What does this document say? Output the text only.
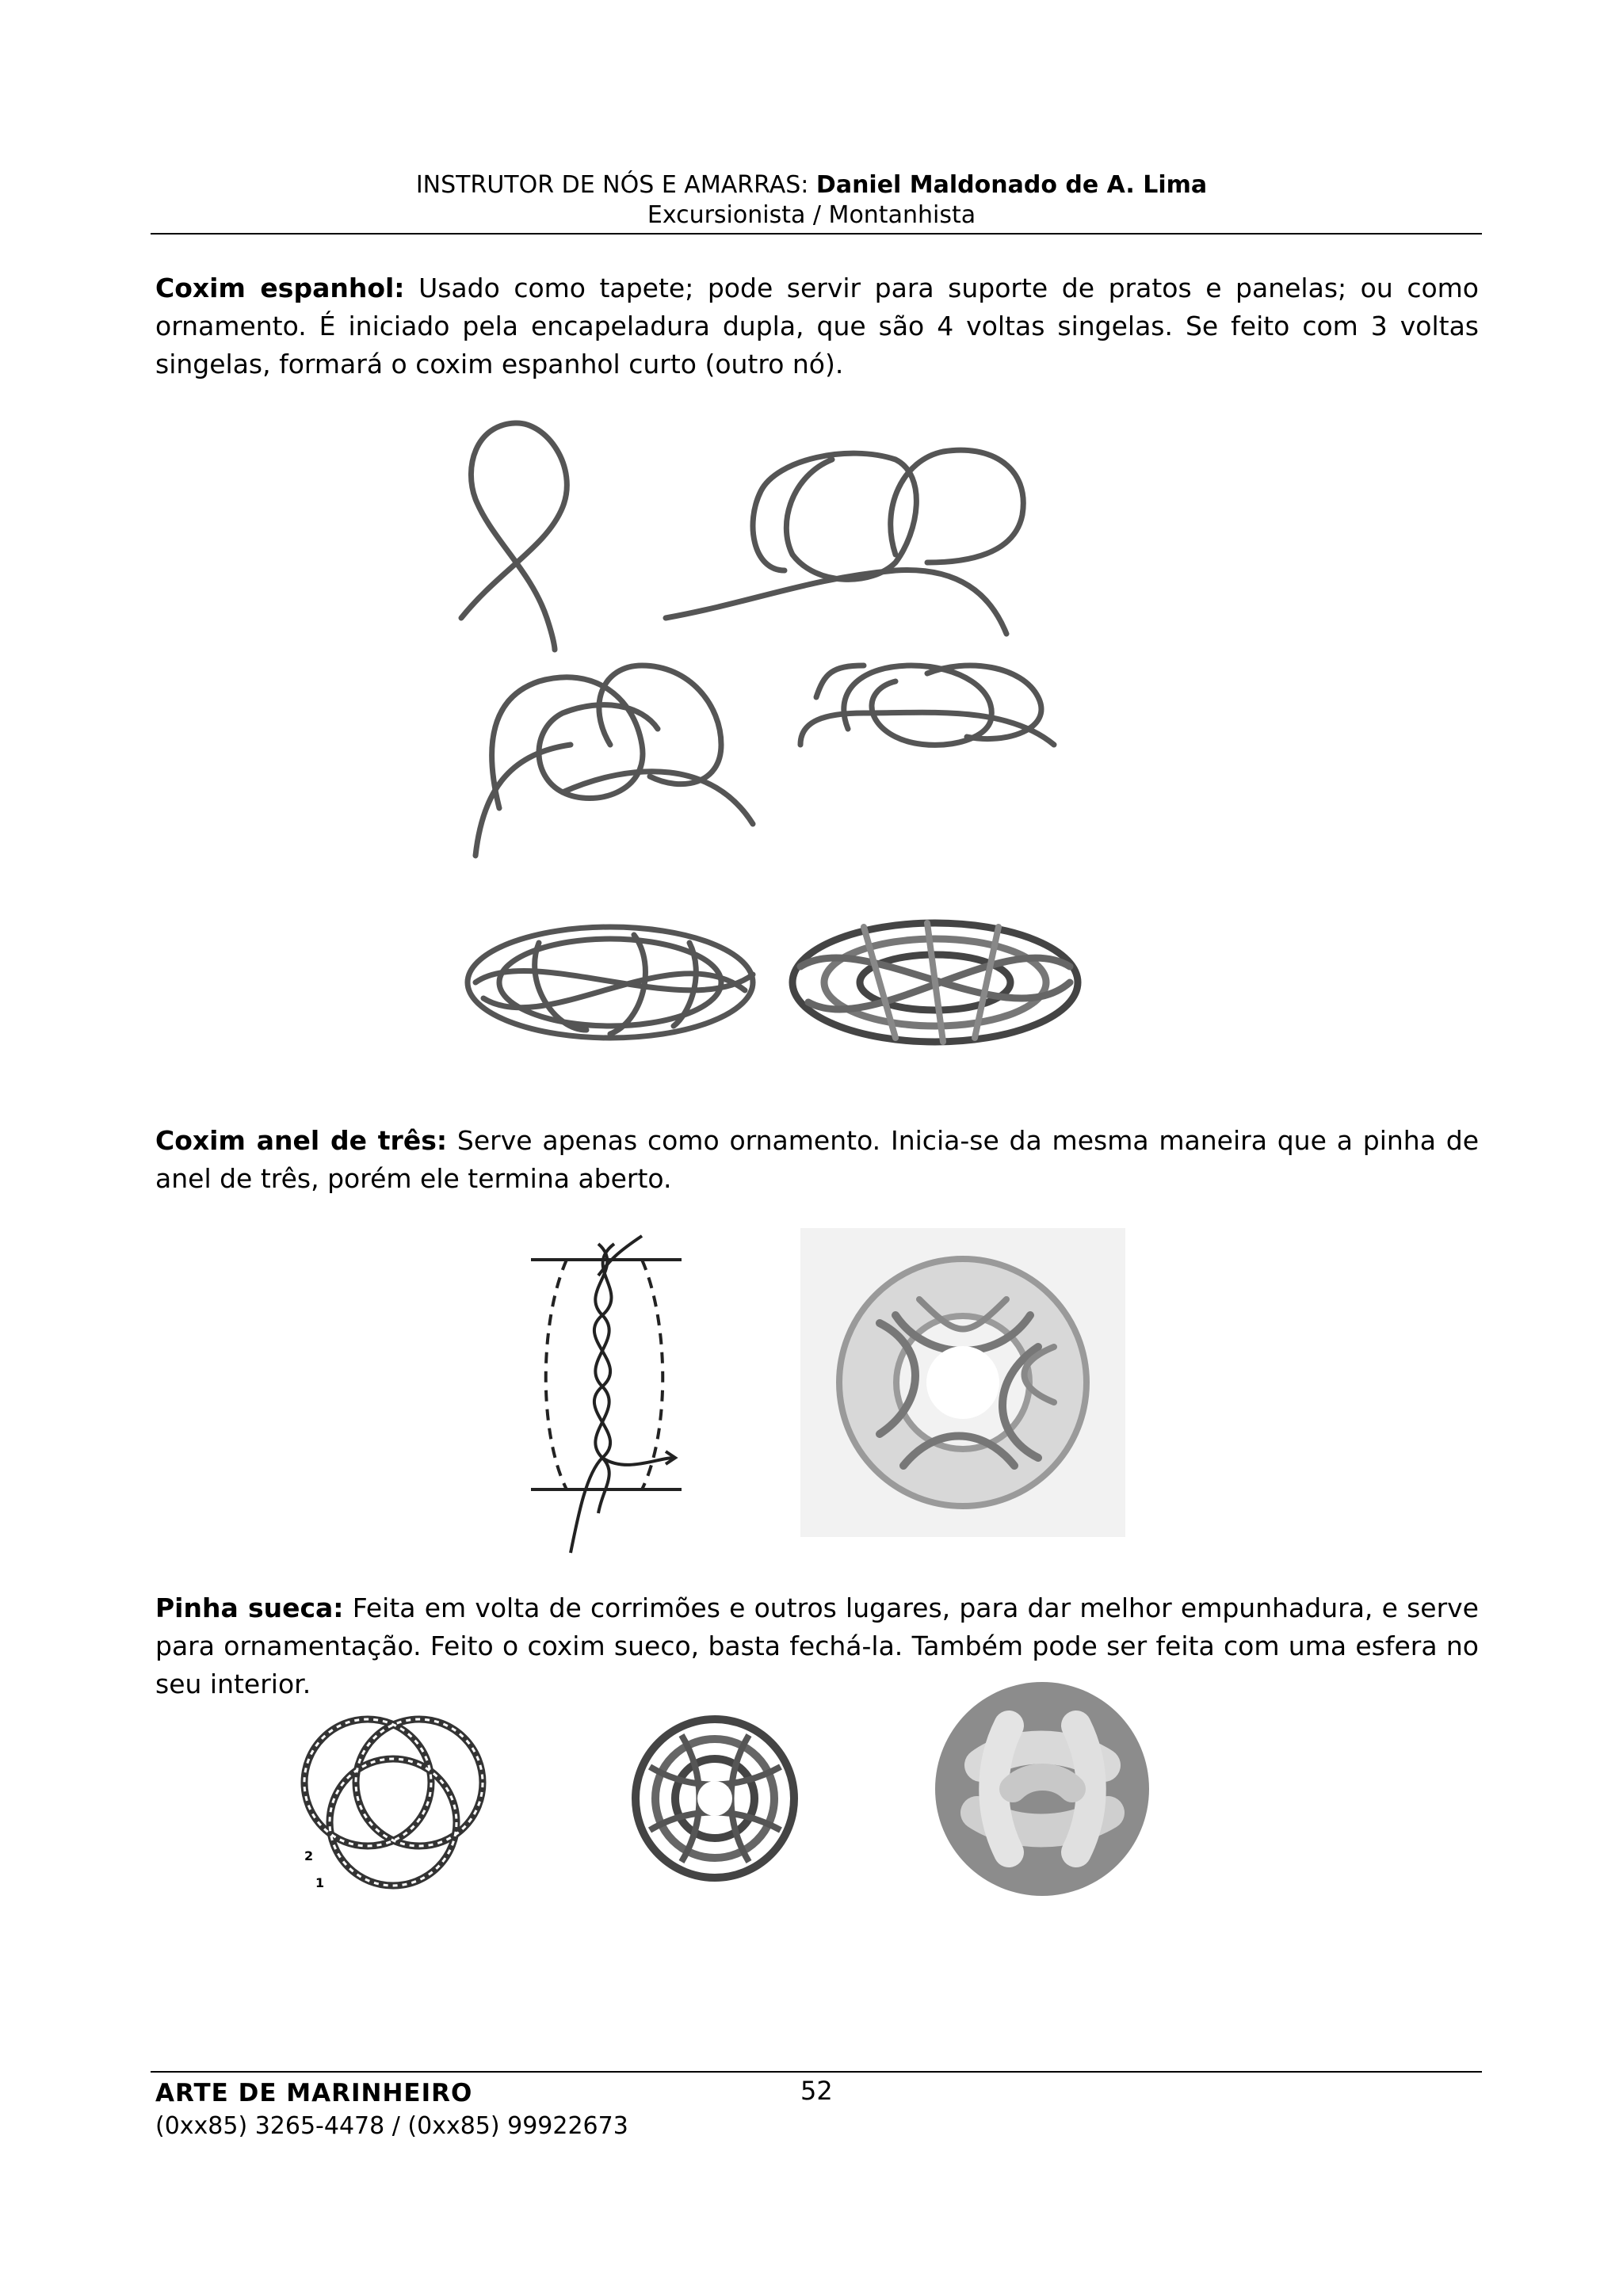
INSTRUTOR DE NÓS E AMARRAS: Daniel Maldonado de A. Lima
Excursionista / Montanhista
Coxim espanhol: Usado como tapete; pode servir para suporte de pratos e panelas; ou como ornamento. É iniciado pela encapeladura dupla, que são 4 voltas singelas. Se feito com 3 voltas singelas, formará o coxim espanhol curto (outro nó).
Coxim anel de três: Serve apenas como ornamento. Inicia-se da mesma maneira que a pinha de anel de três, porém ele termina aberto.
Pinha sueca: Feita em volta de corrimões e outros lugares, para dar melhor empunhadura, e serve para ornamentação. Feito o coxim sueco, basta fechá-la. Também pode ser feita com uma esfera no seu interior.
2
1
ARTE DE MARINHEIRO	52
(0xx85) 3265-4478 / (0xx85) 99922673
